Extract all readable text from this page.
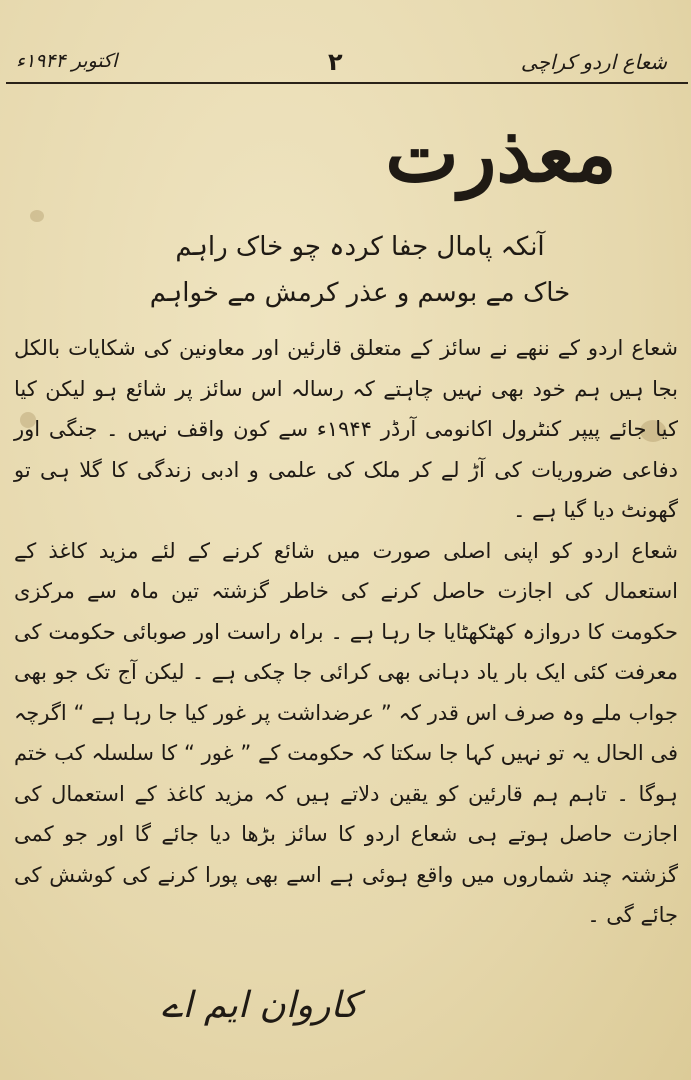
شعاع اردو کراچی
۲
اکتوبر ۱۹۴۴ء
معذرت
آنکہ پامال جفا کردہ چو خاک راہم
خاک مے بوسم و عذر کرمش مے خواہم

شعاع اردو کے ننھے نے سائز کے متعلق قارئین اور معاونین کی شکایات بالکل بجا ہیں ہم خود بھی نہیں چاہتے کہ رسالہ اس سائز پر شائع ہو لیکن کیا کیا جائے پیپر کنٹرول اکانومی آرڈر ۱۹۴۴ء سے کون واقف نہیں ۔ جنگی اور دفاعی ضروریات کی آڑ لے کر ملک کی علمی و ادبی زندگی کا گلا ہی تو گھونٹ دیا گیا ہے ۔

شعاع اردو کو اپنی اصلی صورت میں شائع کرنے کے لئے مزید کاغذ کے استعمال کی اجازت حاصل کرنے کی خاطر گزشتہ تین ماہ سے مرکزی حکومت کا دروازہ کھٹکھٹایا جا رہا ہے ۔ براہ راست اور صوبائی حکومت کی معرفت کئی ایک بار یاد دہانی بھی کرائی جا چکی ہے ۔ لیکن آج تک جو بھی جواب ملے وہ صرف اس قدر کہ ” عرضداشت پر غور کیا جا رہا ہے “ اگرچہ فی الحال یہ تو نہیں کہا جا سکتا کہ حکومت کے ” غور “ کا سلسلہ کب ختم ہوگا ۔ تاہم ہم قارئین کو یقین دلاتے ہیں کہ مزید کاغذ کے استعمال کی اجازت حاصل ہوتے ہی شعاع اردو کا سائز بڑھا دیا جائے گا اور جو کمی گزشتہ چند شماروں میں واقع ہوئی ہے اسے بھی پورا کرنے کی کوشش کی جائے گی ۔

کاروان ایم اے
